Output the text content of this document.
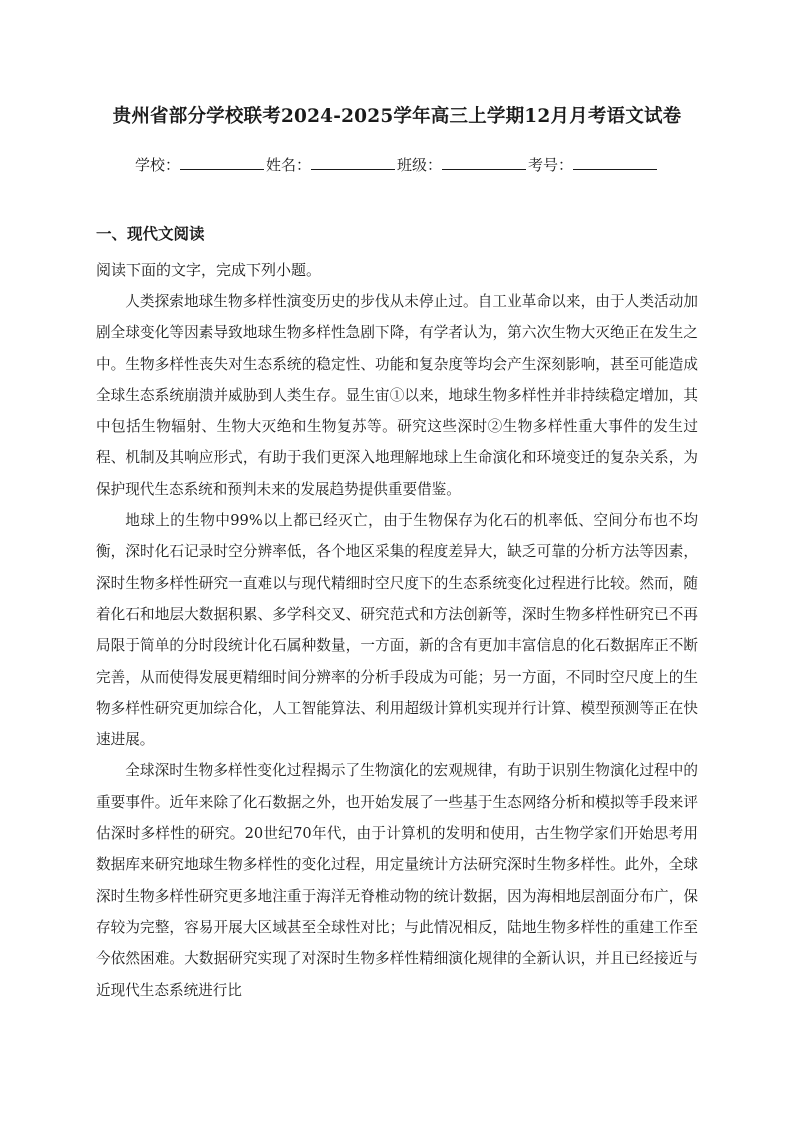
贵州省部分学校联考2024-2025学年高三上学期12月月考语文试卷
学校：	姓名：	班级：	考号：
一、现代文阅读
阅读下面的文字，完成下列小题。

人类探索地球生物多样性演变历史的步伐从未停止过。自工业革命以来，由于人类活动加剧全球变化等因素导致地球生物多样性急剧下降，有学者认为，第六次生物大灭绝正在发生之中。生物多样性丧失对生态系统的稳定性、功能和复杂度等均会产生深刻影响，甚至可能造成全球生态系统崩溃并威胁到人类生存。显生宙①以来，地球生物多样性并非持续稳定增加，其中包括生物辐射、生物大灭绝和生物复苏等。研究这些深时②生物多样性重大事件的发生过程、机制及其响应形式，有助于我们更深入地理解地球上生命演化和环境变迁的复杂关系，为保护现代生态系统和预判未来的发展趋势提供重要借鉴。

地球上的生物中99%以上都已经灭亡，由于生物保存为化石的机率低、空间分布也不均衡，深时化石记录时空分辨率低，各个地区采集的程度差异大，缺乏可靠的分析方法等因素，深时生物多样性研究一直难以与现代精细时空尺度下的生态系统变化过程进行比较。然而，随着化石和地层大数据积累、多学科交叉、研究范式和方法创新等，深时生物多样性研究已不再局限于简单的分时段统计化石属种数量，一方面，新的含有更加丰富信息的化石数据库正不断完善，从而使得发展更精细时间分辨率的分析手段成为可能；另一方面，不同时空尺度上的生物多样性研究更加综合化，人工智能算法、利用超级计算机实现并行计算、模型预测等正在快速进展。

全球深时生物多样性变化过程揭示了生物演化的宏观规律，有助于识别生物演化过程中的重要事件。近年来除了化石数据之外，也开始发展了一些基于生态网络分析和模拟等手段来评估深时多样性的研究。20世纪70年代，由于计算机的发明和使用，古生物学家们开始思考用数据库来研究地球生物多样性的变化过程，用定量统计方法研究深时生物多样性。此外，全球深时生物多样性研究更多地注重于海洋无脊椎动物的统计数据，因为海相地层剖面分布广，保存较为完整，容易开展大区域甚至全球性对比；与此情况相反，陆地生物多样性的重建工作至今依然困难。大数据研究实现了对深时生物多样性精细演化规律的全新认识，并且已经接近与近现代生态系统进行比
